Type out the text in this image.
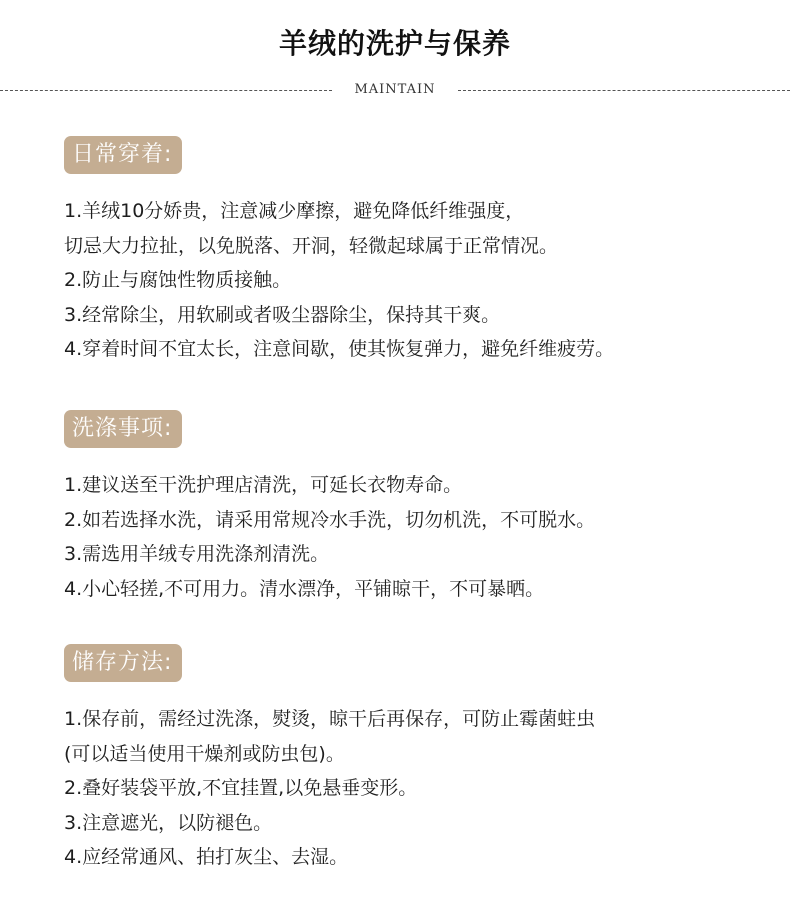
羊绒的洗护与保养
MAINTAIN
日常穿着:
1.羊绒10分娇贵，注意减少摩擦，避免降低纤维强度，
切忌大力拉扯，以免脱落、开洞，轻微起球属于正常情况。
2.防止与腐蚀性物质接触。
3.经常除尘，用软刷或者吸尘器除尘，保持其干爽。
4.穿着时间不宜太长，注意间歇，使其恢复弹力，避免纤维疲劳。
洗涤事项:
1.建议送至干洗护理店清洗，可延长衣物寿命。
2.如若选择水洗，请采用常规冷水手洗，切勿机洗，不可脱水。
3.需选用羊绒专用洗涤剂清洗。
4.小心轻搓,不可用力。清水漂净，平铺晾干，不可暴晒。
储存方法:
1.保存前，需经过洗涤，熨烫，晾干后再保存，可防止霉菌蛀虫
(可以适当使用干燥剂或防虫包)。
2.叠好装袋平放,不宜挂置,以免悬垂变形。
3.注意遮光，以防褪色。
4.应经常通风、拍打灰尘、去湿。
